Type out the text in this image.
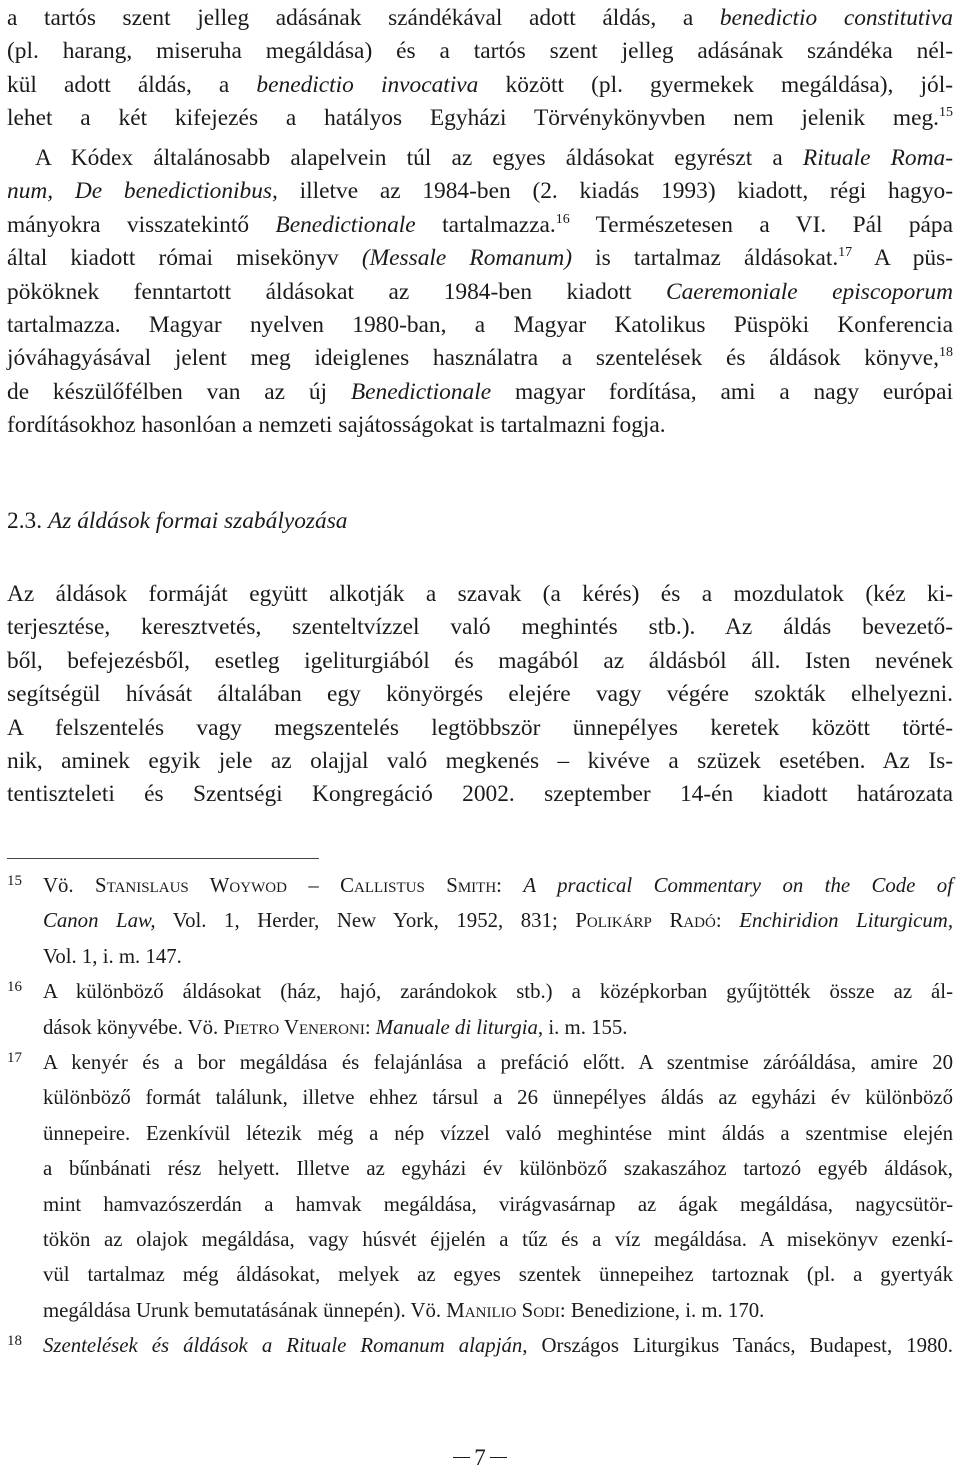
a tartós szent jelleg adásának szándékával adott áldás, a benedictio constitutiva
(pl. harang, miseruha megáldása) és a tartós szent jelleg adásának szándéka nél-
kül adott áldás, a benedictio invocativa között (pl. gyermekek megáldása), jól-
lehet a két kifejezés a hatályos Egyházi Törvénykönyvben nem jelenik meg.$^{15}$

A Kódex általánosabb alapelvein túl az egyes áldásokat egyrészt a Rituale Roma-
num, De benedictionibus, illetve az 1984-ben (2. kiadás 1993) kiadott, régi hagyo-
mányokra visszatekintő Benedictionale tartalmazza.$^{16}$ Természetesen a VI. Pál pápa
által kiadott római misekönyv (Messale Romanum) is tartalmaz áldásokat.$^{17}$ A püs-
pököknek fenntartott áldásokat az 1984-ben kiadott Caeremoniale episcoporum
tartalmazza. Magyar nyelven 1980-ban, a Magyar Katolikus Püspöki Konferencia
jóváhagyásával jelent meg ideiglenes használatra a szentelések és áldások könyve,$^{18}$
de készülőfélben van az új Benedictionale magyar fordítása, ami a nagy európai
fordításokhoz hasonlóan a nemzeti sajátosságokat is tartalmazni fogja.

2.3. Az áldások formai szabályozása

Az áldások formáját együtt alkotják a szavak (a kérés) és a mozdulatok (kéz ki-
terjesztése, keresztvetés, szenteltvízzel való meghintés stb.). Az áldás bevezető-
ből, befejezésből, esetleg igeliturgiából és magából az áldásból áll. Isten nevének
segítségül hívását általában egy könyörgés elejére vagy végére szokták elhelyezni.
A felszentelés vagy megszentelés legtöbbször ünnepélyes keretek között törté-
nik, aminek egyik jele az olajjal való megkenés – kivéve a szüzek esetében. Az Is-
tentiszteleti és Szentségi Kongregáció 2002. szeptember 14-én kiadott határozata

15 Vö. Stanislaus Woywod – Callistus Smith: A practical Commentary on the Code of
Canon Law, Vol. 1, Herder, New York, 1952, 831; Polikárp Radó: Enchiridion Liturgicum,
Vol. 1, i. m. 147.
16 A különböző áldásokat (ház, hajó, zarándokok stb.) a középkorban gyűjtötték össze az ál-
dások könyvébe. Vö. Pietro Veneroni: Manuale di liturgia, i. m. 155.
17 A kenyér és a bor megáldása és felajánlása a prefáció előtt. A szentmise záróáldása, amire 20
különböző formát találunk, illetve ehhez társul a 26 ünnepélyes áldás az egyházi év különböző
ünnepeire. Ezenkívül létezik még a nép vízzel való meghintése mint áldás a szentmise elején
a bűnbánati rész helyett. Illetve az egyházi év különböző szakaszához tartozó egyéb áldások,
mint hamvazószerdán a hamvak megáldása, virágvasárnap az ágak megáldása, nagycsütör-
tökön az olajok megáldása, vagy húsvét éjjelén a tűz és a víz megáldása. A misekönyv ezenkí-
vül tartalmaz még áldásokat, melyek az egyes szentek ünnepeihez tartoznak (pl. a gyertyák
megáldása Urunk bemutatásának ünnepén). Vö. Manilio Sodi: Benedizione, i. m. 170.
18 Szentelések és áldások a Rituale Romanum alapján, Országos Liturgikus Tanács, Budapest, 1980.
7
